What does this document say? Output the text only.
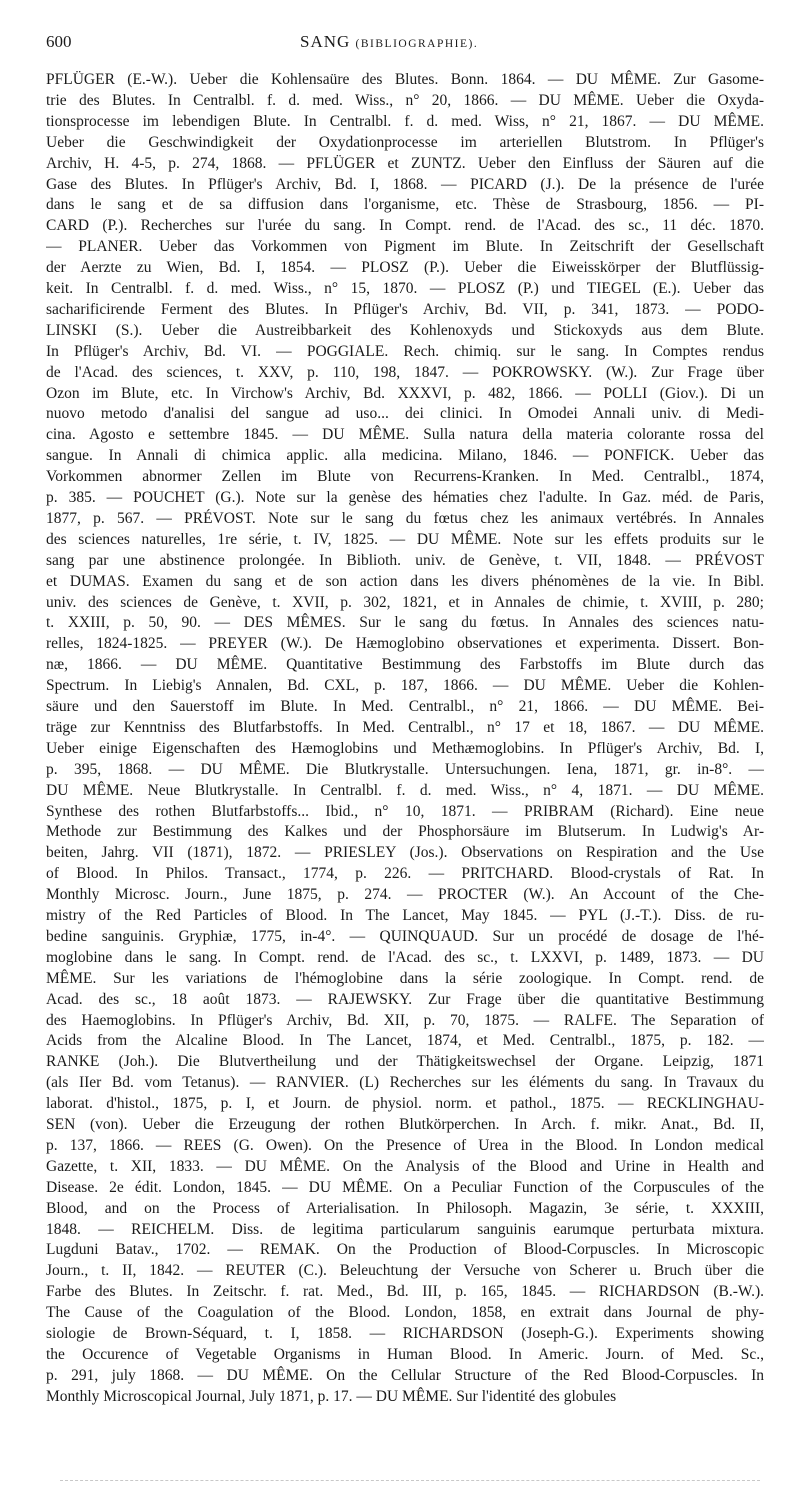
600	SANG (BIBLIOGRAPHIE).
PFLÜGER (E.-W.). Ueber die Kohlensaüre des Blutes. Bonn. 1864. — DU MÊME. Zur Gasome-
trie des Blutes. In Centralbl. f. d. med. Wiss., n° 20, 1866. — DU MÊME. Ueber die Oxyda-
tionsprocesse im lebendigen Blute. In Centralbl. f. d. med. Wiss, n° 21, 1867. — DU MÊME.
Ueber die Geschwindigkeit der Oxydationprocesse im arteriellen Blutstrom. In Pflüger's
Archiv, H. 4-5, p. 274, 1868. — PFLÜGER et ZUNTZ. Ueber den Einfluss der Säuren auf die
Gase des Blutes. In Pflüger's Archiv, Bd. I, 1868. — PICARD (J.). De la présence de l'urée
dans le sang et de sa diffusion dans l'organisme, etc. Thèse de Strasbourg, 1856. — PI-
CARD (P.). Recherches sur l'urée du sang. In Compt. rend. de l'Acad. des sc., 11 déc. 1870.
— PLANER. Ueber das Vorkommen von Pigment im Blute. In Zeitschrift der Gesellschaft
der Aerzte zu Wien, Bd. I, 1854. — PLOSZ (P.). Ueber die Eiweisskörper der Blutflüssig-
keit. In Centralbl. f. d. med. Wiss., n° 15, 1870. — PLOSZ (P.) und TIEGEL (E.). Ueber das
sacharificirende Ferment des Blutes. In Pflüger's Archiv, Bd. VII, p. 341, 1873. — PODO-
LINSKI (S.). Ueber die Austreibbarkeit des Kohlenoxyds und Stickoxyds aus dem Blute.
In Pflüger's Archiv, Bd. VI. — POGGIALE. Rech. chimiq. sur le sang. In Comptes rendus
de l'Acad. des sciences, t. XXV, p. 110, 198, 1847. — POKROWSKY. (W.). Zur Frage über
Ozon im Blute, etc. In Virchow's Archiv, Bd. XXXVI, p. 482, 1866. — POLLI (Giov.). Di un
nuovo metodo d'analisi del sangue ad uso... dei clinici. In Omodei Annali univ. di Medi-
cina. Agosto e settembre 1845. — DU MÊME. Sulla natura della materia colorante rossa del
sangue. In Annali di chimica applic. alla medicina. Milano, 1846. — PONFICK. Ueber das
Vorkommen abnormer Zellen im Blute von Recurrens-Kranken. In Med. Centralbl., 1874,
p. 385. — POUCHET (G.). Note sur la genèse des hématies chez l'adulte. In Gaz. méd. de Paris,
1877, p. 567. — PRÉVOST. Note sur le sang du fœtus chez les animaux vertébrés. In Annales
des sciences naturelles, 1re série, t. IV, 1825. — DU MÊME. Note sur les effets produits sur le
sang par une abstinence prolongée. In Biblioth. univ. de Genève, t. VII, 1848. — PRÉVOST
et DUMAS. Examen du sang et de son action dans les divers phénomènes de la vie. In Bibl.
univ. des sciences de Genève, t. XVII, p. 302, 1821, et in Annales de chimie, t. XVIII, p. 280;
t. XXIII, p. 50, 90. — DES MÊMES. Sur le sang du fœtus. In Annales des sciences natu-
relles, 1824-1825. — PREYER (W.). De Hæmoglobino observationes et experimenta. Dissert. Bon-
næ, 1866. — DU MÊME. Quantitative Bestimmung des Farbstoffs im Blute durch das
Spectrum. In Liebig's Annalen, Bd. CXL, p. 187, 1866. — DU MÊME. Ueber die Kohlen-
säure und den Sauerstoff im Blute. In Med. Centralbl., n° 21, 1866. — DU MÊME. Bei-
träge zur Kenntniss des Blutfarbstoffs. In Med. Centralbl., n° 17 et 18, 1867. — DU MÊME.
Ueber einige Eigenschaften des Hæmoglobins und Methæmoglobins. In Pflüger's Archiv, Bd. I,
p. 395, 1868. — DU MÊME. Die Blutkrystalle. Untersuchungen. Iena, 1871, gr. in-8°. —
DU MÊME. Neue Blutkrystalle. In Centralbl. f. d. med. Wiss., n° 4, 1871. — DU MÊME.
Synthese des rothen Blutfarbstoffs... Ibid., n° 10, 1871. — PRIBRAM (Richard). Eine neue
Methode zur Bestimmung des Kalkes und der Phosphorsäure im Blutserum. In Ludwig's Ar-
beiten, Jahrg. VII (1871), 1872. — PRIESLEY (Jos.). Observations on Respiration and the Use
of Blood. In Philos. Transact., 1774, p. 226. — PRITCHARD. Blood-crystals of Rat. In
Monthly Microsc. Journ., June 1875, p. 274. — PROCTER (W.). An Account of the Che-
mistry of the Red Particles of Blood. In The Lancet, May 1845. — PYL (J.-T.). Diss. de ru-
bedine sanguinis. Gryphiæ, 1775, in-4°. — QUINQUAUD. Sur un procédé de dosage de l'hé-
moglobine dans le sang. In Compt. rend. de l'Acad. des sc., t. LXXVI, p. 1489, 1873. — DU
MÊME. Sur les variations de l'hémoglobine dans la série zoologique. In Compt. rend. de
Acad. des sc., 18 août 1873. — RAJEWSKY. Zur Frage über die quantitative Bestimmung
des Haemoglobins. In Pflüger's Archiv, Bd. XII, p. 70, 1875. — RALFE. The Separation of
Acids from the Alcaline Blood. In The Lancet, 1874, et Med. Centralbl., 1875, p. 182. —
RANKE (Joh.). Die Blutvertheilung und der Thätigkeitswechsel der Organe. Leipzig, 1871
(als IIer Bd. vom Tetanus). — RANVIER. (L) Recherches sur les éléments du sang. In Travaux du
laborat. d'histol., 1875, p. I, et Journ. de physiol. norm. et pathol., 1875. — RECKLINGHAU-
SEN (von). Ueber die Erzeugung der rothen Blutkörperchen. In Arch. f. mikr. Anat., Bd. II,
p. 137, 1866. — REES (G. Owen). On the Presence of Urea in the Blood. In London medical
Gazette, t. XII, 1833. — DU MÊME. On the Analysis of the Blood and Urine in Health and
Disease. 2e édit. London, 1845. — DU MÊME. On a Peculiar Function of the Corpuscules of the
Blood, and on the Process of Arterialisation. In Philosoph. Magazin, 3e série, t. XXXIII,
1848. — REICHELM. Diss. de legitima particularum sanguinis earumque perturbata mixtura.
Lugduni Batav., 1702. — REMAK. On the Production of Blood-Corpuscles. In Microscopic
Journ., t. II, 1842. — REUTER (C.). Beleuchtung der Versuche von Scherer u. Bruch über die
Farbe des Blutes. In Zeitschr. f. rat. Med., Bd. III, p. 165, 1845. — RICHARDSON (B.-W.).
The Cause of the Coagulation of the Blood. London, 1858, en extrait dans Journal de phy-
siologie de Brown-Séquard, t. I, 1858. — RICHARDSON (Joseph-G.). Experiments showing
the Occurence of Vegetable Organisms in Human Blood. In Americ. Journ. of Med. Sc.,
p. 291, july 1868. — DU MÊME. On the Cellular Structure of the Red Blood-Corpuscles. In
Monthly Microscopical Journal, July 1871, p. 17. — DU MÊME. Sur l'identité des globules
